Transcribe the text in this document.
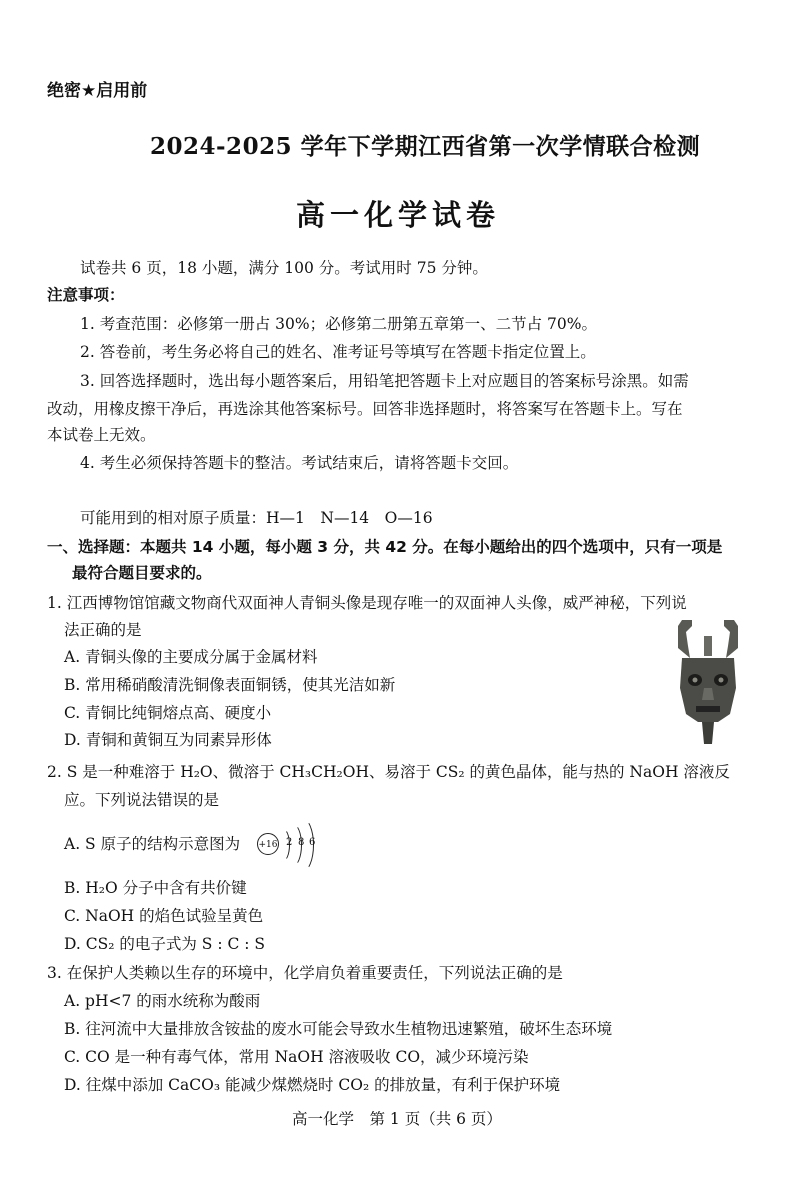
绝密★启用前
2024-2025 学年下学期江西省第一次学情联合检测
高一化学试卷
试卷共 6 页，18 小题，满分 100 分。考试用时 75 分钟。
注意事项：
1. 考查范围：必修第一册占 30%；必修第二册第五章第一、二节占 70%。
2. 答卷前，考生务必将自己的姓名、准考证号等填写在答题卡指定位置上。
3. 回答选择题时，选出每小题答案后，用铅笔把答题卡上对应题目的答案标号涂黑。如需
改动，用橡皮擦干净后，再选涂其他答案标号。回答非选择题时，将答案写在答题卡上。写在
本试卷上无效。
4. 考生必须保持答题卡的整洁。考试结束后，请将答题卡交回。
可能用到的相对原子质量：H—1　N—14　O—16
一、选择题：本题共 14 小题，每小题 3 分，共 42 分。在每小题给出的四个选项中，只有一项是
最符合题目要求的。
1. 江西博物馆馆藏文物商代双面神人青铜头像是现存唯一的双面神人头像，威严神秘，下列说
法正确的是
A. 青铜头像的主要成分属于金属材料
B. 常用稀硝酸清洗铜像表面铜锈，使其光洁如新
C. 青铜比纯铜熔点高、硬度小
D. 青铜和黄铜互为同素异形体
2. S 是一种难溶于 H₂O、微溶于 CH₃CH₂OH、易溶于 CS₂ 的黄色晶体，能与热的 NaOH 溶液反
应。下列说法错误的是
A. S 原子的结构示意图为 +16 2 8 6
B. H₂O 分子中含有共价键
C. NaOH 的焰色试验呈黄色
D. CS₂ 的电子式为 S : C : S
3. 在保护人类赖以生存的环境中，化学肩负着重要责任，下列说法正确的是
A. pH<7 的雨水统称为酸雨
B. 往河流中大量排放含铵盐的废水可能会导致水生植物迅速繁殖，破坏生态环境
C. CO 是一种有毒气体，常用 NaOH 溶液吸收 CO，减少环境污染
D. 往煤中添加 CaCO₃ 能减少煤燃烧时 CO₂ 的排放量，有利于保护环境
高一化学　第 1 页（共 6 页）
